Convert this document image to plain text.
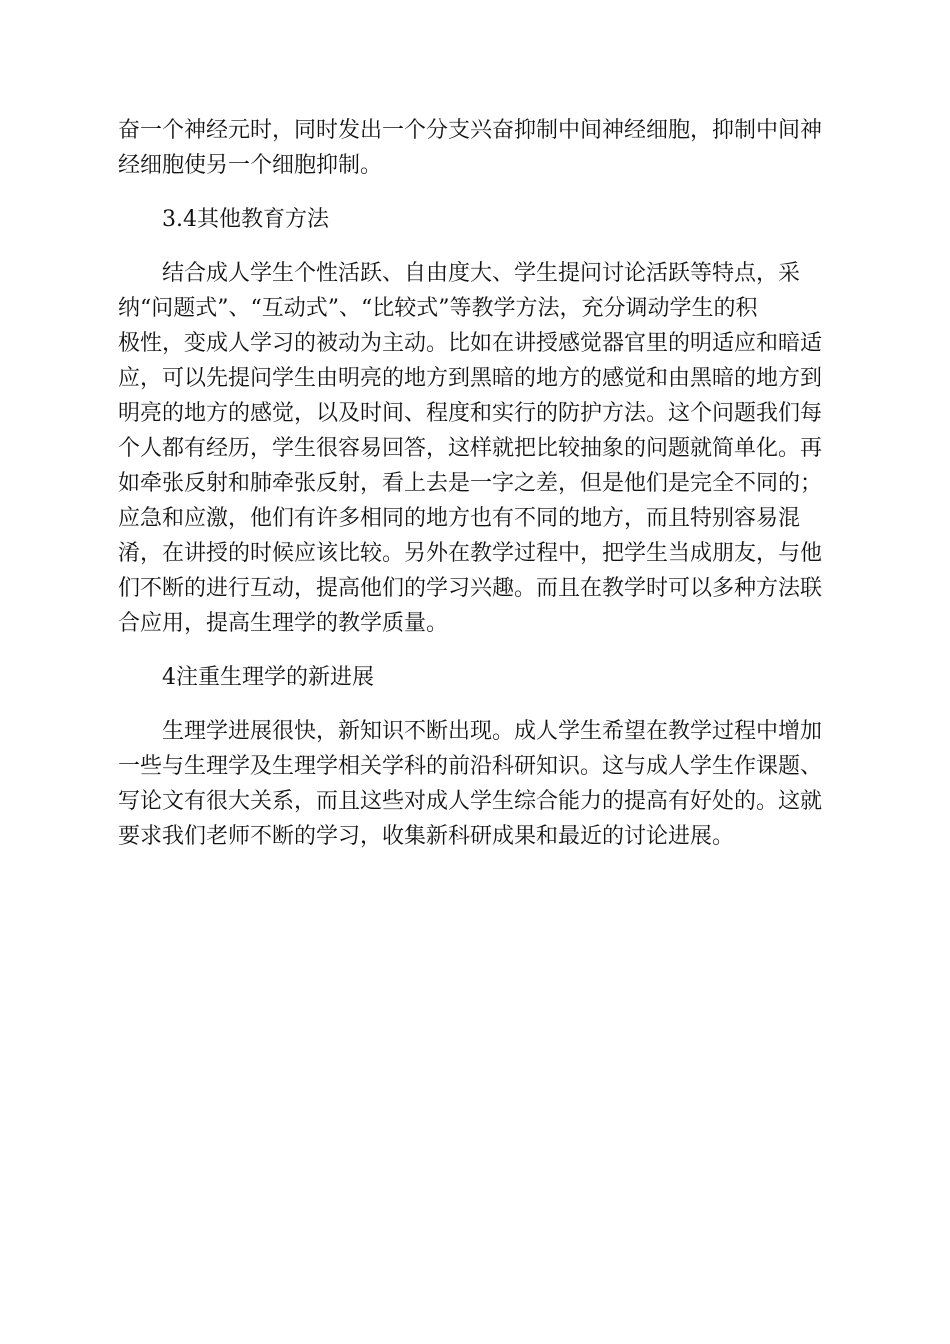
奋一个神经元时，同时发出一个分支兴奋抑制中间神经细胞，抑制中间神
经细胞使另一个细胞抑制。

3.4其他教育方法

结合成人学生个性活跃、自由度大、学生提问讨论活跃等特点，采
纳“问题式”、“互动式”、“比较式”等教学方法，充分调动学生的积
极性，变成人学习的被动为主动。比如在讲授感觉器官里的明适应和暗适
应，可以先提问学生由明亮的地方到黑暗的地方的感觉和由黑暗的地方到
明亮的地方的感觉，以及时间、程度和实行的防护方法。这个问题我们每
个人都有经历，学生很容易回答，这样就把比较抽象的问题就简单化。再
如牵张反射和肺牵张反射，看上去是一字之差，但是他们是完全不同的；
应急和应激，他们有许多相同的地方也有不同的地方，而且特别容易混
淆，在讲授的时候应该比较。另外在教学过程中，把学生当成朋友，与他
们不断的进行互动，提高他们的学习兴趣。而且在教学时可以多种方法联
合应用，提高生理学的教学质量。

4注重生理学的新进展

生理学进展很快，新知识不断出现。成人学生希望在教学过程中增加
一些与生理学及生理学相关学科的前沿科研知识。这与成人学生作课题、
写论文有很大关系，而且这些对成人学生综合能力的提高有好处的。这就
要求我们老师不断的学习，收集新科研成果和最近的讨论进展。
